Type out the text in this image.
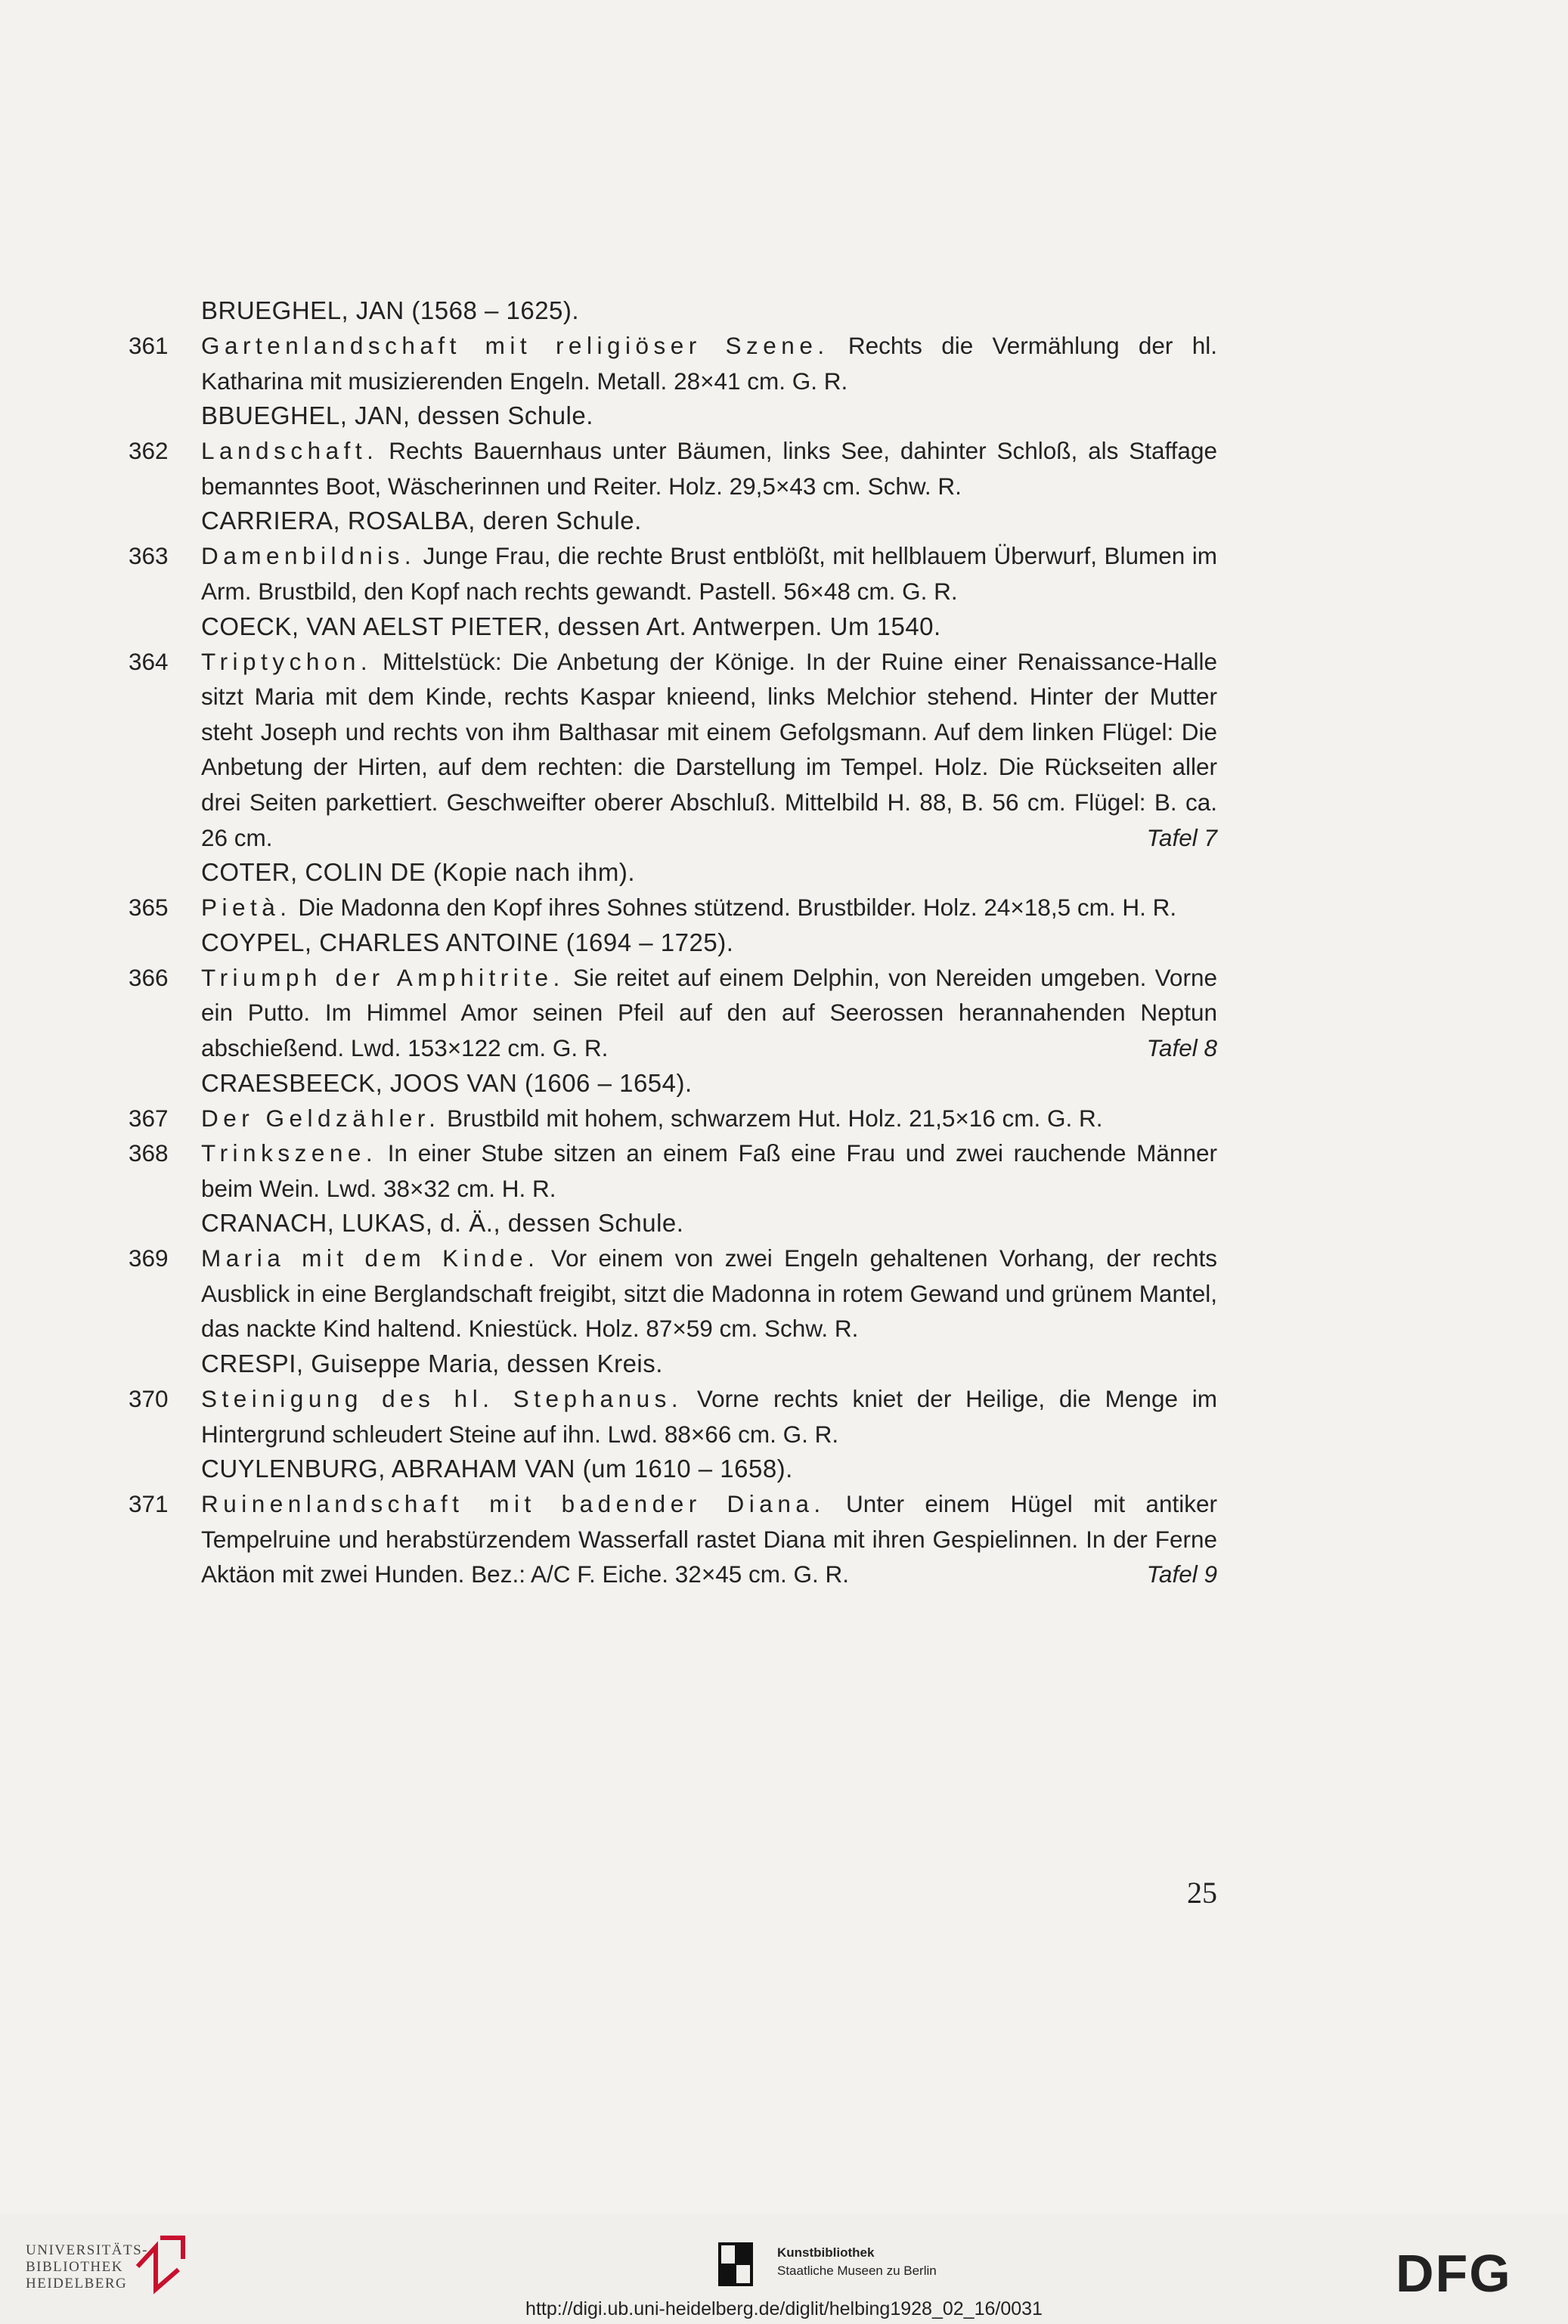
BRUEGHEL, JAN (1568 – 1625).
361	Gartenlandschaft mit religiöser Szene. Rechts die Vermählung der hl. Katharina mit musizierenden Engeln. Metall. 28×41 cm. G. R.
BBUEGHEL, JAN, dessen Schule.
362	Landschaft. Rechts Bauernhaus unter Bäumen, links See, dahinter Schloß, als Staffage bemanntes Boot, Wäscherinnen und Reiter. Holz. 29,5×43 cm. Schw. R.
CARRIERA, ROSALBA, deren Schule.
363	Damenbildnis. Junge Frau, die rechte Brust entblößt, mit hellblauem Überwurf, Blumen im Arm. Brustbild, den Kopf nach rechts gewandt. Pastell. 56×48 cm. G. R.
COECK, VAN AELST PIETER, dessen Art. Antwerpen. Um 1540.
364	Triptychon. Mittelstück: Die Anbetung der Könige. In der Ruine einer Renaissance-Halle sitzt Maria mit dem Kinde, rechts Kaspar knieend, links Melchior stehend. Hinter der Mutter steht Joseph und rechts von ihm Balthasar mit einem Gefolgsmann. Auf dem linken Flügel: Die Anbetung der Hirten, auf dem rechten: die Darstellung im Tempel. Holz. Die Rückseiten aller drei Seiten parkettiert. Geschweifter oberer Abschluß. Mittelbild H. 88, B. 56 cm. Flügel: B. ca. 26 cm.	Tafel 7
COTER, COLIN DE (Kopie nach ihm).
365	Pietà. Die Madonna den Kopf ihres Sohnes stützend. Brustbilder. Holz. 24×18,5 cm. H. R.
COYPEL, CHARLES ANTOINE (1694 – 1725).
366	Triumph der Amphitrite. Sie reitet auf einem Delphin, von Nereiden umgeben. Vorne ein Putto. Im Himmel Amor seinen Pfeil auf den auf Seerossen herannahenden Neptun abschießend. Lwd. 153×122 cm. G. R.	Tafel 8
CRAESBEECK, JOOS VAN (1606 – 1654).
367	Der Geldzähler. Brustbild mit hohem, schwarzem Hut. Holz. 21,5×16 cm. G. R.
368	Trinkszene. In einer Stube sitzen an einem Faß eine Frau und zwei rauchende Männer beim Wein. Lwd. 38×32 cm. H. R.
CRANACH, LUKAS, d. Ä., dessen Schule.
369	Maria mit dem Kinde. Vor einem von zwei Engeln gehaltenen Vorhang, der rechts Ausblick in eine Berglandschaft freigibt, sitzt die Madonna in rotem Gewand und grünem Mantel, das nackte Kind haltend. Kniestück. Holz. 87×59 cm. Schw. R.
CRESPI, Guiseppe Maria, dessen Kreis.
370	Steinigung des hl. Stephanus. Vorne rechts kniet der Heilige, die Menge im Hintergrund schleudert Steine auf ihn. Lwd. 88×66 cm. G. R.
CUYLENBURG, ABRAHAM VAN (um 1610 – 1658).
371	Ruinenlandschaft mit badender Diana. Unter einem Hügel mit antiker Tempelruine und herabstürzendem Wasserfall rastet Diana mit ihren Gespielinnen. In der Ferne Aktäon mit zwei Hunden. Bez.: A/C F. Eiche. 32×45 cm. G. R.	Tafel 9
25
UNIVERSITÄTS-
BIBLIOTHEK
HEIDELBERG
Kunstbibliothek
Staatliche Museen zu Berlin	DFG
http://digi.ub.uni-heidelberg.de/diglit/helbing1928_02_16/0031
